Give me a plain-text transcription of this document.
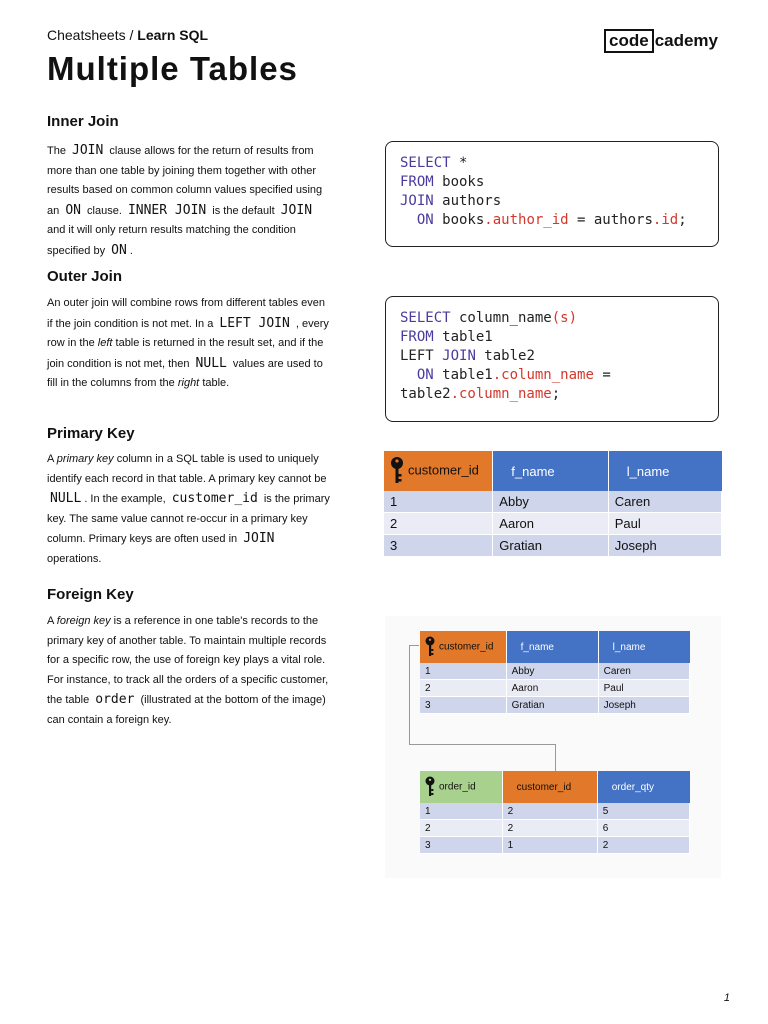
Cheatsheets / Learn SQL
Multiple Tables
code cademy
Inner Join
The JOIN clause allows for the return of results from more than one table by joining them together with other results based on common column values specified using an ON clause. INNER JOIN is the default JOIN and it will only return results matching the condition specified by ON .
SELECT *
FROM books
JOIN authors
ON books.author_id = authors.id;
Outer Join
An outer join will combine rows from different tables even if the join condition is not met. In a LEFT JOIN , every row in the left table is returned in the result set, and if the join condition is not met, then NULL values are used to fill in the columns from the right table.
SELECT column_name(s)
FROM table1
LEFT JOIN table2
ON table1.column_name =
table2.column_name;
Primary Key
A primary key column in a SQL table is used to uniquely identify each record in that table. A primary key cannot be NULL . In the example, customer_id is the primary key. The same value cannot re-occur in a primary key column. Primary keys are often used in JOIN operations.
customer_id	f_name	l_name
1	Abby	Caren
2	Aaron	Paul
3	Gratian	Joseph
Foreign Key
A foreign key is a reference in one table's records to the primary key of another table. To maintain multiple records for a specific row, the use of foreign key plays a vital role. For instance, to track all the orders of a specific customer, the table order (illustrated at the bottom of the image) can contain a foreign key.
customer_id	f_name	l_name
1	Abby	Caren
2	Aaron	Paul
3	Gratian	Joseph
order_id	customer_id	order_qty
1	2	5
2	2	6
3	1	2
1
